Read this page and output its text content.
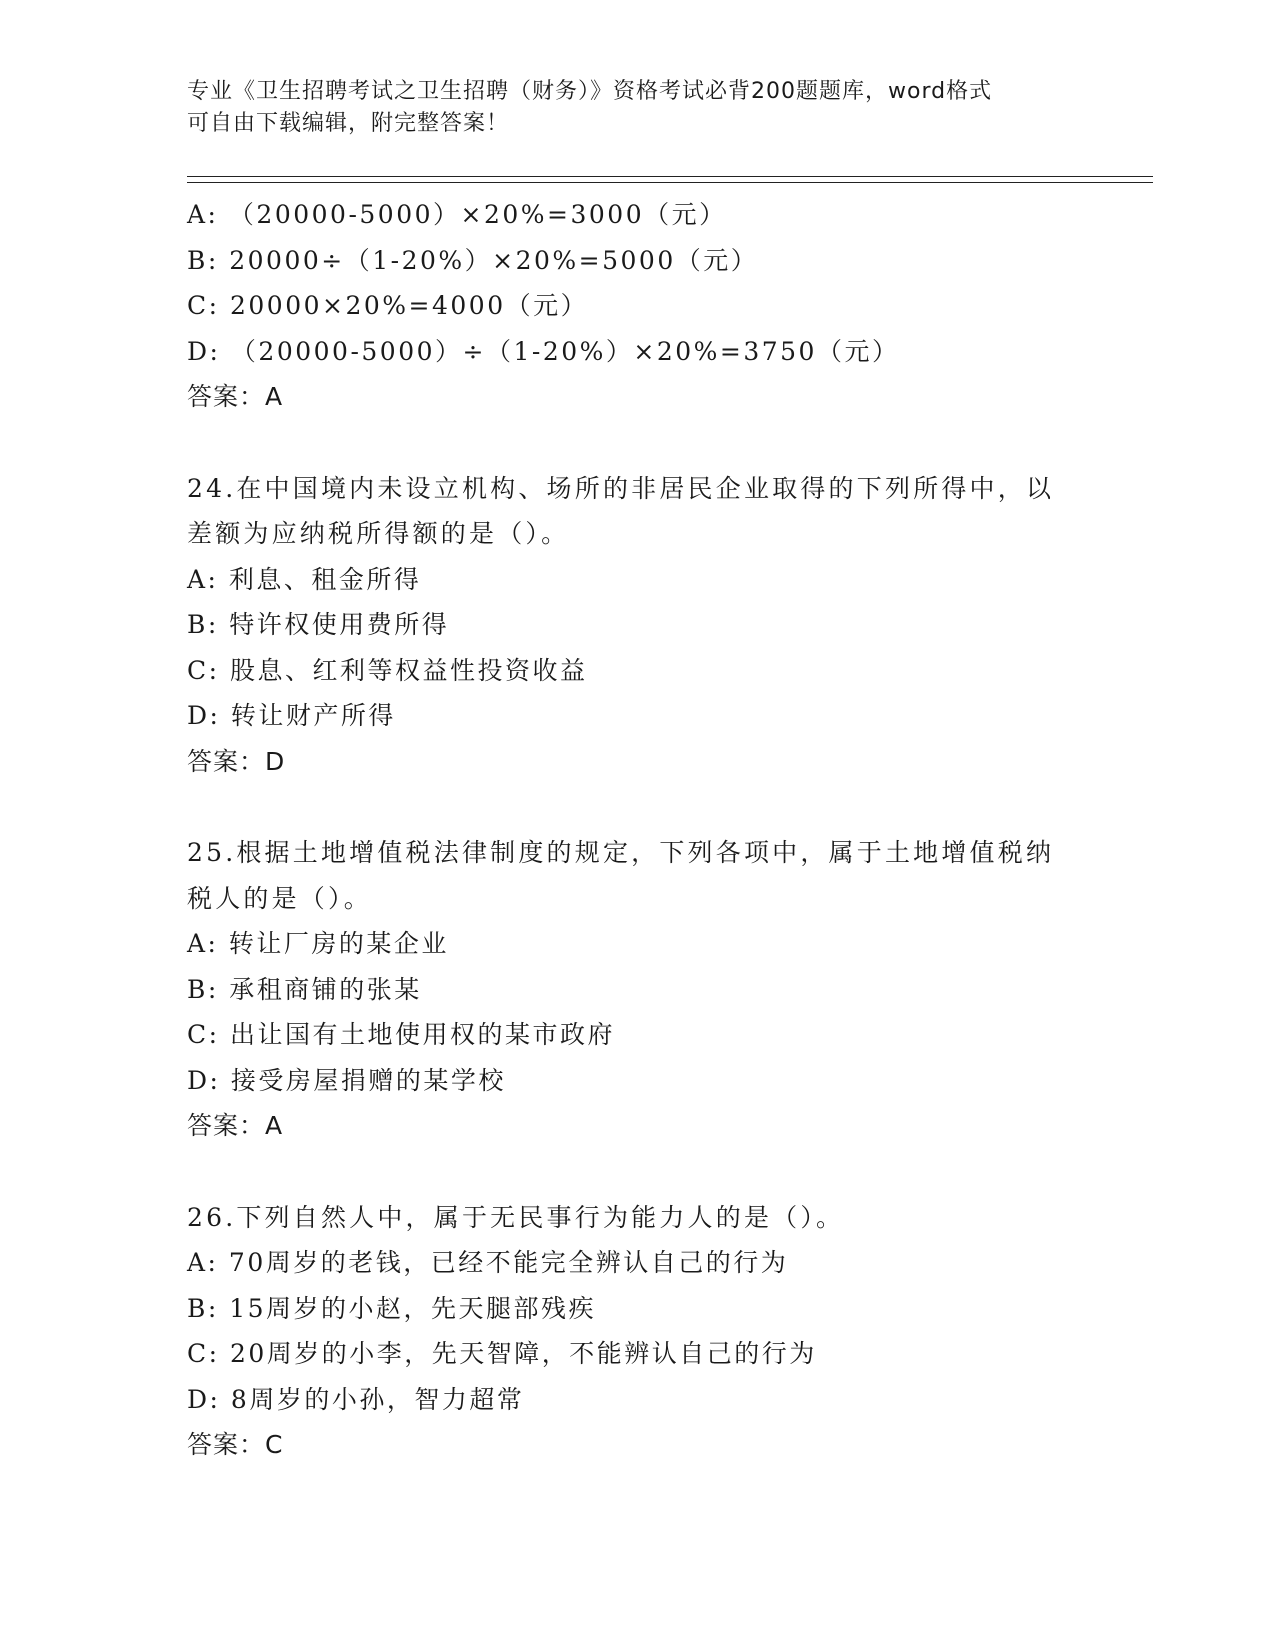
专业《卫生招聘考试之卫生招聘（财务）》资格考试必背200题题库，word格式
可自由下载编辑，附完整答案！
A: （20000-5000）×20%=3000（元）
B: 20000÷（1-20%）×20%=5000（元）
C: 20000×20%=4000（元）
D: （20000-5000）÷（1-20%）×20%=3750（元）
答案：A
24.在中国境内未设立机构、场所的非居民企业取得的下列所得中，以
差额为应纳税所得额的是（）。
A: 利息、租金所得
B: 特许权使用费所得
C: 股息、红利等权益性投资收益
D: 转让财产所得
答案：D
25.根据土地增值税法律制度的规定，下列各项中，属于土地增值税纳
税人的是（）。
A: 转让厂房的某企业
B: 承租商铺的张某
C: 出让国有土地使用权的某市政府
D: 接受房屋捐赠的某学校
答案：A
26.下列自然人中，属于无民事行为能力人的是（）。
A: 70周岁的老钱，已经不能完全辨认自己的行为
B: 15周岁的小赵，先天腿部残疾
C: 20周岁的小李，先天智障，不能辨认自己的行为
D: 8周岁的小孙，智力超常
答案：C
